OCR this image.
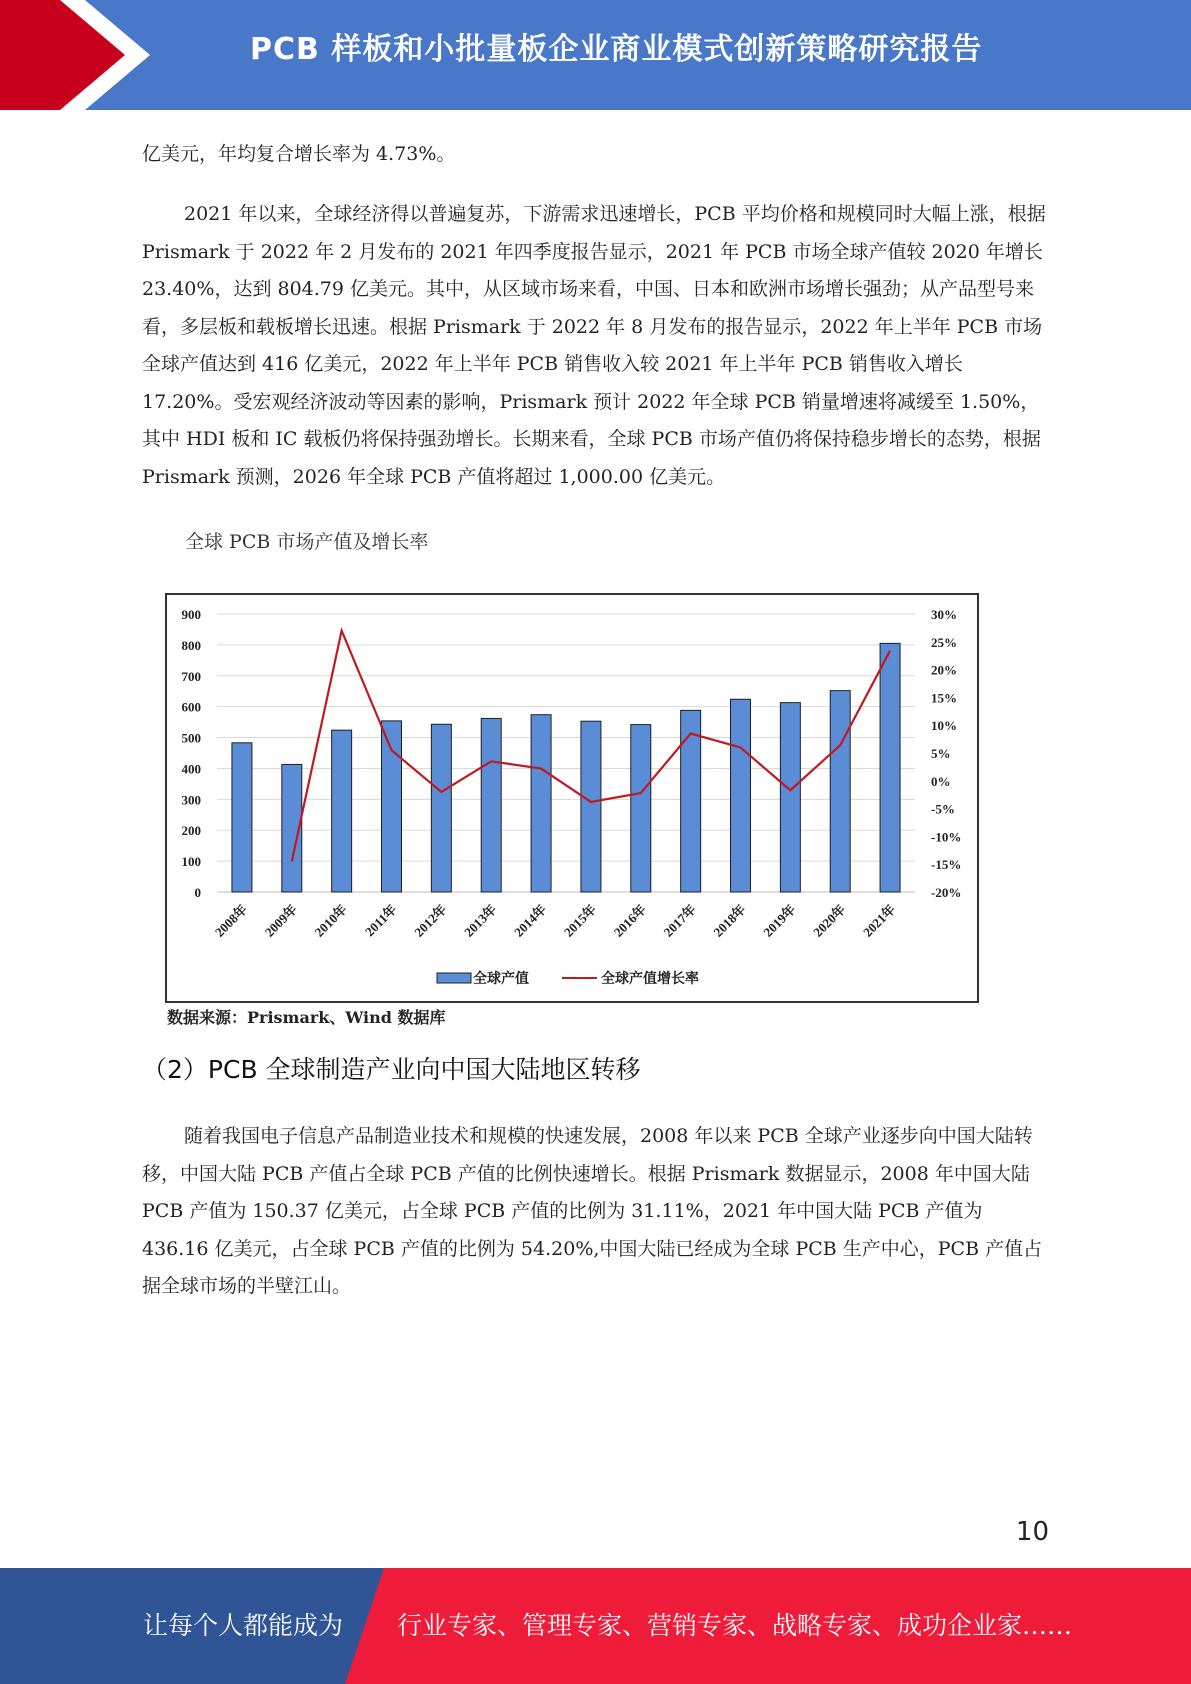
PCB 样板和小批量板企业商业模式创新策略研究报告

亿美元，年均复合增长率为 4.73%。

2021 年以来，全球经济得以普遍复苏，下游需求迅速增长，PCB 平均价格和规模同时大幅上涨，根据 Prismark 于 2022 年 2 月发布的 2021 年四季度报告显示，2021 年 PCB 市场全球产值较 2020 年增长 23.40%，达到 804.79 亿美元。其中，从区域市场来看，中国、日本和欧洲市场增长强劲；从产品型号来看，多层板和载板增长迅速。根据 Prismark 于 2022 年 8 月发布的报告显示，2022 年上半年 PCB 市场全球产值达到 416 亿美元，2022 年上半年 PCB 销售收入较 2021 年上半年 PCB 销售收入增长 17.20%。受宏观经济波动等因素的影响，Prismark 预计 2022 年全球 PCB 销量增速将减缓至 1.50%，其中 HDI 板和 IC 载板仍将保持强劲增长。长期来看，全球 PCB 市场产值仍将保持稳步增长的态势，根据 Prismark 预测，2026 年全球 PCB 产值将超过 1,000.00 亿美元。

全球 PCB 市场产值及增长率
900
800
700
600
500
400
300
200
100
0
30%
25%
20%
15%
10%
5%
0%
-5%
-10%
-15%
-20%
2008年 2009年 2010年 2011年 2012年 2013年 2014年 2015年 2016年 2017年 2018年 2019年 2020年 2021年
全球产值	全球产值增长率
数据来源：Prismark、Wind 数据库
（2）PCB 全球制造产业向中国大陆地区转移

随着我国电子信息产品制造业技术和规模的快速发展，2008 年以来 PCB 全球产业逐步向中国大陆转移，中国大陆 PCB 产值占全球 PCB 产值的比例快速增长。根据 Prismark 数据显示，2008 年中国大陆 PCB 产值为 150.37 亿美元，占全球 PCB 产值的比例为 31.11%，2021 年中国大陆 PCB 产值为 436.16 亿美元，占全球 PCB 产值的比例为 54.20%,中国大陆已经成为全球 PCB 生产中心，PCB 产值占据全球市场的半壁江山。

10
让每个人都能成为 行业专家、管理专家、营销专家、战略专家、成功企业家……
